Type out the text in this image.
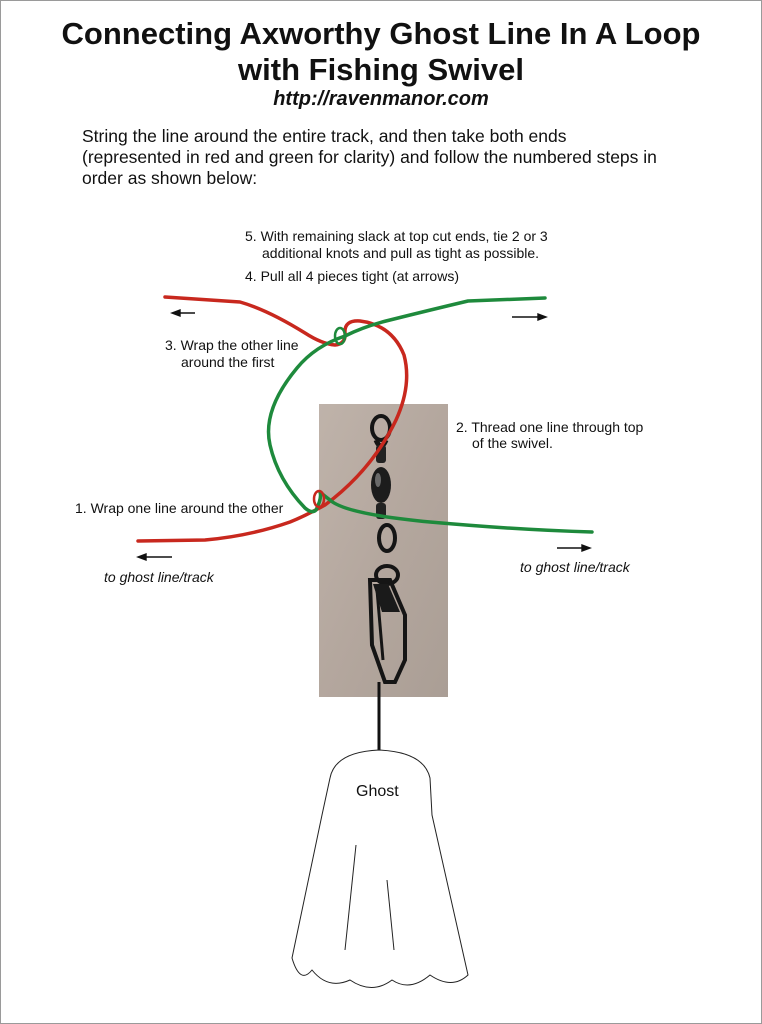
Connecting Axworthy Ghost Line In A Loop
with Fishing Swivel
http://ravenmanor.com
String the line around the entire track, and then take both ends
(represented in red and green for clarity) and follow the numbered steps in
order as shown below:
5. With remaining slack at top cut ends, tie 2 or 3
additional knots and pull as tight as possible.
4. Pull all 4 pieces tight (at arrows)
3. Wrap the other line
around the first
2. Thread one line through top
of the swivel.
1. Wrap one line around the other
to ghost line/track
to ghost line/track
Ghost
